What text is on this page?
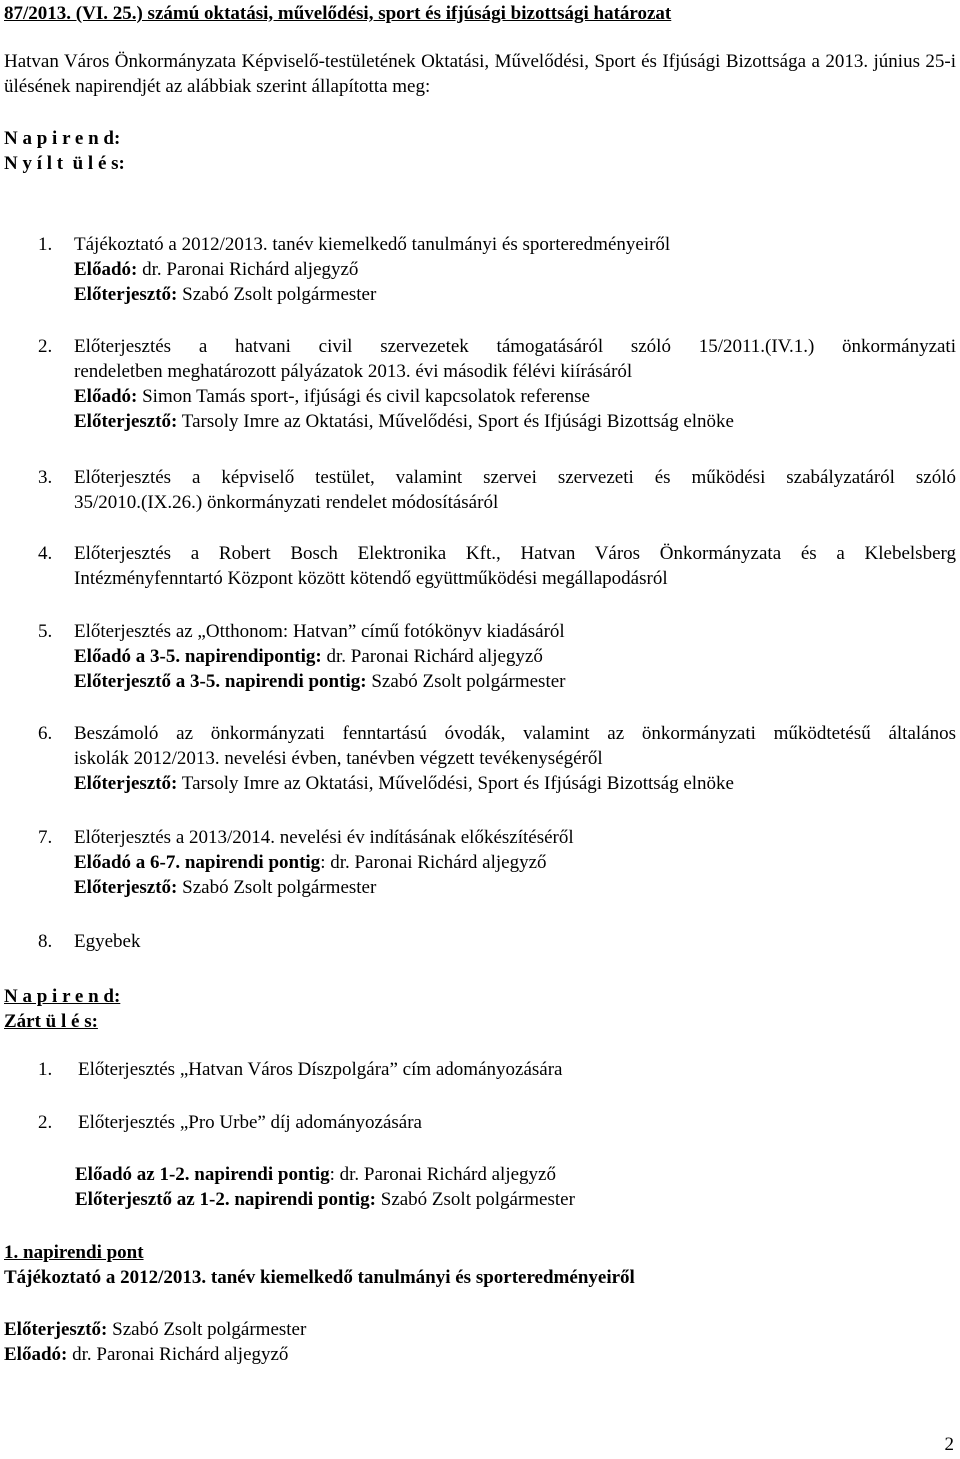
87/2013. (VI. 25.) számú oktatási, művelődési, sport és ifjúsági bizottsági határozat

Hatvan Város Önkormányzata Képviselő-testületének Oktatási, Művelődési, Sport és Ifjúsági Bizottsága a 2013. június 25-i ülésének napirendjét az alábbiak szerint állapította meg:

N a p i r e n d:
N y í l t  ü l é s:
1. Tájékoztató a 2012/2013. tanév kiemelkedő tanulmányi és sporteredményeiről
Előadó: dr. Paronai Richárd aljegyző
Előterjesztő: Szabó Zsolt polgármester
2. Előterjesztés a hatvani civil szervezetek támogatásáról szóló 15/2011.(IV.1.) önkormányzati
rendeletben meghatározott pályázatok 2013. évi második félévi kiírásáról
Előadó: Simon Tamás sport-, ifjúsági és civil kapcsolatok referense
Előterjesztő: Tarsoly Imre az Oktatási, Művelődési, Sport és Ifjúsági Bizottság elnöke
3. Előterjesztés a képviselő testület, valamint szervei szervezeti és működési szabályzatáról szóló
35/2010.(IX.26.) önkormányzati rendelet módosításáról
4. Előterjesztés a Robert Bosch Elektronika Kft., Hatvan Város Önkormányzata és a Klebelsberg
Intézményfenntartó Központ között kötendő együttműködési megállapodásról
5. Előterjesztés az „Otthonom: Hatvan” című fotókönyv kiadásáról
Előadó a 3-5. napirendipontig: dr. Paronai Richárd aljegyző
Előterjesztő a 3-5. napirendi pontig: Szabó Zsolt polgármester
6. Beszámoló az önkormányzati fenntartású óvodák, valamint az önkormányzati működtetésű általános
iskolák 2012/2013. nevelési évben, tanévben végzett tevékenységéről
Előterjesztő: Tarsoly Imre az Oktatási, Művelődési, Sport és Ifjúsági Bizottság elnöke
7. Előterjesztés a 2013/2014. nevelési év indításának előkészítéséről
Előadó a 6-7. napirendi pontig: dr. Paronai Richárd aljegyző
Előterjesztő: Szabó Zsolt polgármester
8. Egyebek
N a p i r e n d:
Zárt ü l é s:
1. Előterjesztés „Hatvan Város Díszpolgára” cím adományozására
2. Előterjesztés „Pro Urbe” díj adományozására
Előadó az 1-2. napirendi pontig: dr. Paronai Richárd aljegyző
Előterjesztő az 1-2. napirendi pontig: Szabó Zsolt polgármester
1. napirendi pont
Tájékoztató a 2012/2013. tanév kiemelkedő tanulmányi és sporteredményeiről
Előterjesztő: Szabó Zsolt polgármester
Előadó: dr. Paronai Richárd aljegyző
2
